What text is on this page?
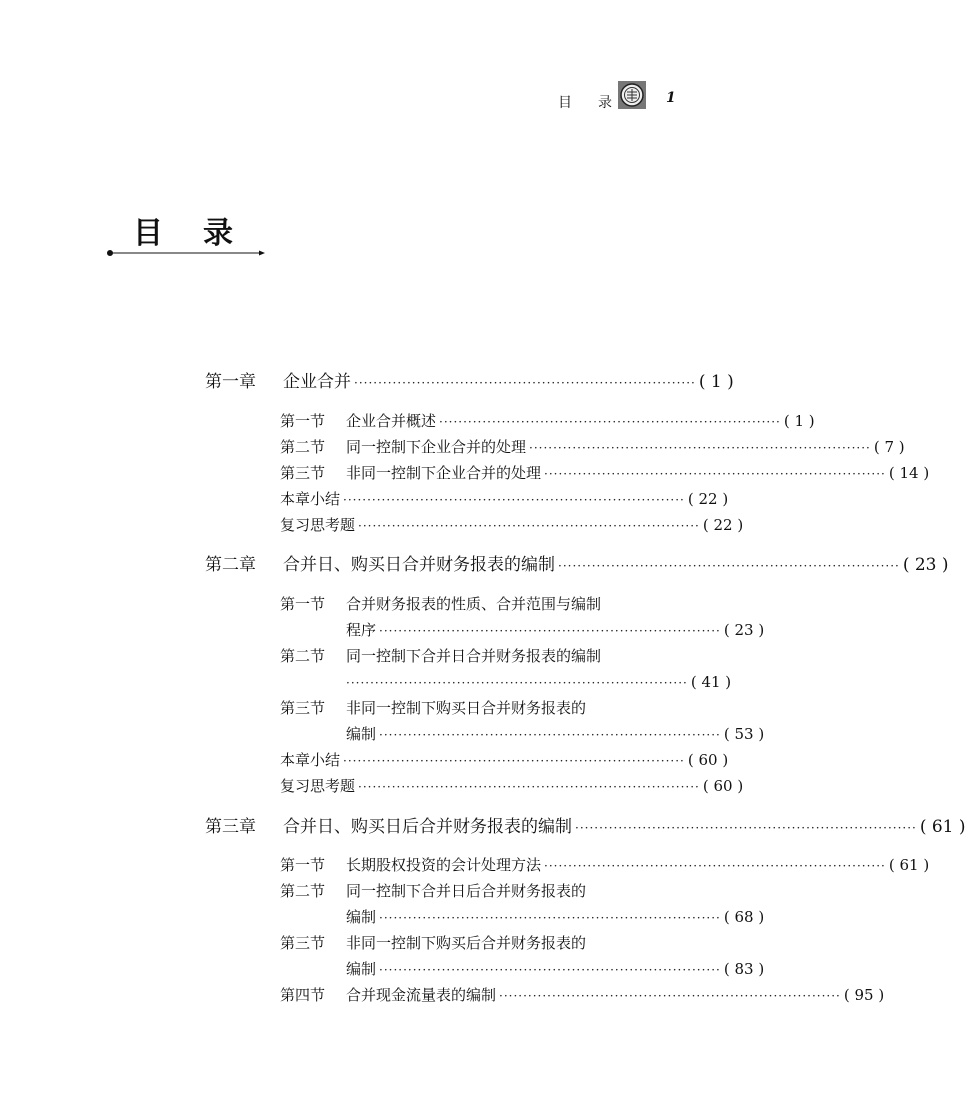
目 录	1
目 录
第一章	企业合并 ······································································· ( 1 )
第一节	企业合并概述 ······································································· ( 1 )
第二节	同一控制下企业合并的处理 ······································································· ( 7 )
第三节	非同一控制下企业合并的处理 ······································································· ( 14 )
本章小结 ······································································· ( 22 )
复习思考题 ······································································· ( 22 )
第二章	合并日、购买日合并财务报表的编制 ······································································· ( 23 )
第一节	合并财务报表的性质、合并范围与编制
程序 ······································································· ( 23 )
第二节	同一控制下合并日合并财务报表的编制
······································································· ( 41 )
第三节	非同一控制下购买日合并财务报表的
编制 ······································································· ( 53 )
本章小结 ······································································· ( 60 )
复习思考题 ······································································· ( 60 )
第三章	合并日、购买日后合并财务报表的编制 ······································································· ( 61 )
第一节	长期股权投资的会计处理方法 ······································································· ( 61 )
第二节	同一控制下合并日后合并财务报表的
编制 ······································································· ( 68 )
第三节	非同一控制下购买后合并财务报表的
编制 ······································································· ( 83 )
第四节	合并现金流量表的编制 ······································································· ( 95 )
